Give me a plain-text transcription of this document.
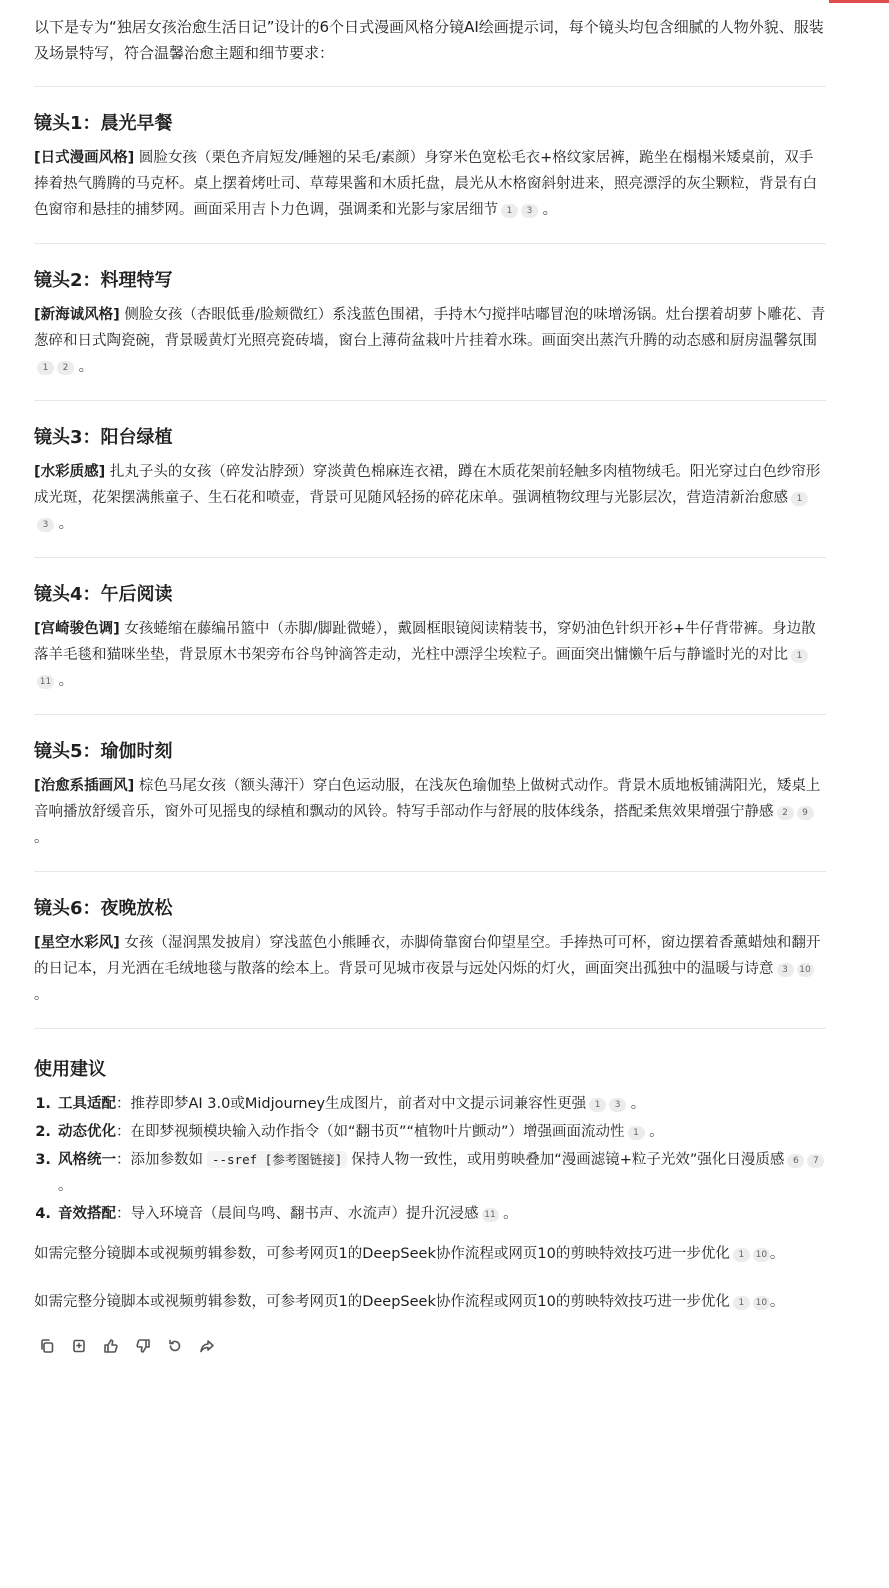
以下是专为“独居女孩治愈生活日记”设计的6个日式漫画风格分镜AI绘画提示词，每个镜头均包含细腻的人物外貌、服装及场景特写，符合温馨治愈主题和细节要求：

镜头1：晨光早餐

[日式漫画风格] 圆脸女孩（栗色齐肩短发/睡翘的呆毛/素颜）身穿米色宽松毛衣+格纹家居裤，跪坐在榻榻米矮桌前，双手捧着热气腾腾的马克杯。桌上摆着烤吐司、草莓果酱和木质托盘，晨光从木格窗斜射进来，照亮漂浮的灰尘颗粒，背景有白色窗帘和悬挂的捕梦网。画面采用吉卜力色调，强调柔和光影与家居细节 1 3 。

镜头2：料理特写

[新海诚风格] 侧脸女孩（杏眼低垂/脸颊微红）系浅蓝色围裙，手持木勺搅拌咕嘟冒泡的味增汤锅。灶台摆着胡萝卜雕花、青葱碎和日式陶瓷碗，背景暖黄灯光照亮瓷砖墙，窗台上薄荷盆栽叶片挂着水珠。画面突出蒸汽升腾的动态感和厨房温馨氛围1 2 。

镜头3：阳台绿植

[水彩质感] 扎丸子头的女孩（碎发沾脖颈）穿淡黄色棉麻连衣裙，蹲在木质花架前轻触多肉植物绒毛。阳光穿过白色纱帘形成光斑，花架摆满熊童子、生石花和喷壶，背景可见随风轻扬的碎花床单。强调植物纹理与光影层次，营造清新治愈感 13 。

镜头4：午后阅读

[宫崎骏色调] 女孩蜷缩在藤编吊篮中（赤脚/脚趾微蜷），戴圆框眼镜阅读精装书，穿奶油色针织开衫+牛仔背带裤。身边散落羊毛毯和猫咪坐垫，背景原木书架旁布谷鸟钟滴答走动，光柱中漂浮尘埃粒子。画面突出慵懒午后与静谧时光的对比 111 。

镜头5：瑜伽时刻

[治愈系插画风] 棕色马尾女孩（额头薄汗）穿白色运动服，在浅灰色瑜伽垫上做树式动作。背景木质地板铺满阳光，矮桌上音响播放舒缓音乐，窗外可见摇曳的绿植和飘动的风铃。特写手部动作与舒展的肢体线条，搭配柔焦效果增强宁静感 2 9 。

镜头6：夜晚放松

[星空水彩风] 女孩（湿润黑发披肩）穿浅蓝色小熊睡衣，赤脚倚靠窗台仰望星空。手捧热可可杯，窗边摆着香薰蜡烛和翻开的日记本，月光洒在毛绒地毯与散落的绘本上。背景可见城市夜景与远处闪烁的灯火，画面突出孤独中的温暖与诗意 3 10 。

使用建议
1. 工具适配：推荐即梦AI 3.0或Midjourney生成图片，前者对中文提示词兼容性更强 1 3 。
2. 动态优化：在即梦视频模块输入动作指令（如“翻书页”“植物叶片颤动”）增强画面流动性 1 。
3. 风格统一：添加参数如 --sref [参考图链接] 保持人物一致性，或用剪映叠加“漫画滤镜+粒子光效”强化日漫质感 6 7 。
4. 音效搭配：导入环境音（晨间鸟鸣、翻书声、水流声）提升沉浸感 11 。

如需完整分镜脚本或视频剪辑参数，可参考网页1的DeepSeek协作流程或网页10的剪映特效技巧进一步优化 1 10 。

如需完整分镜脚本或视频剪辑参数，可参考网页1的DeepSeek协作流程或网页10的剪映特效技巧进一步优化 1 10 。
